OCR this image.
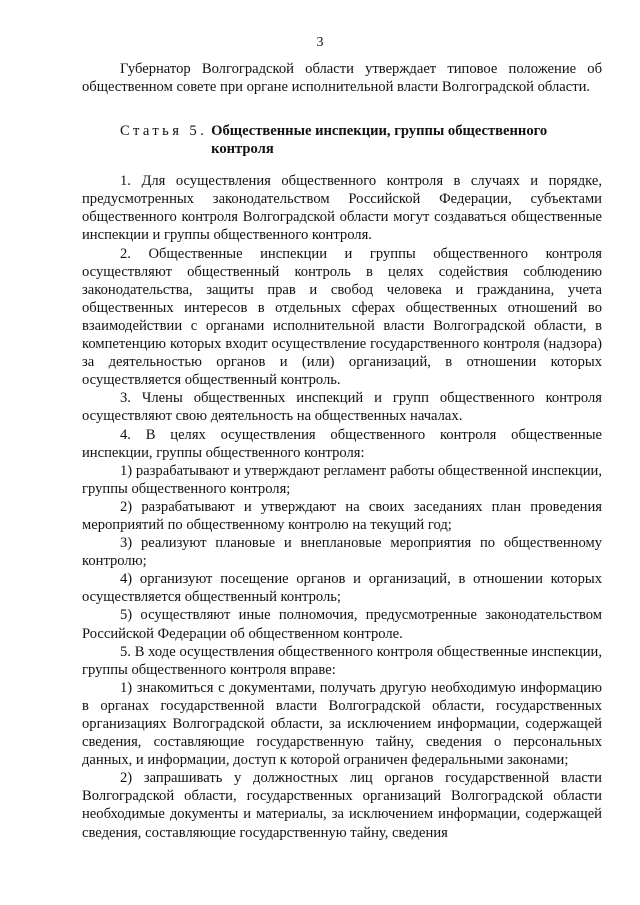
3

Губернатор Волгоградской области утверждает типовое положение об общественном совете при органе исполнительной власти Волгоградской области.

Статья 5. Общественные инспекции, группы общественного контроля

1. Для осуществления общественного контроля в случаях и порядке, предусмотренных законодательством Российской Федерации, субъектами общественного контроля Волгоградской области могут создаваться общественные инспекции и группы общественного контроля.

2. Общественные инспекции и группы общественного контроля осуществляют общественный контроль в целях содействия соблюдению законодательства, защиты прав и свобод человека и гражданина, учета общественных интересов в отдельных сферах общественных отношений во взаимодействии с органами исполнительной власти Волгоградской области, в компетенцию которых входит осуществление государственного контроля (надзора) за деятельностью органов и (или) организаций, в отношении которых осуществляется общественный контроль.

3. Члены общественных инспекций и групп общественного контроля осуществляют свою деятельность на общественных началах.

4. В целях осуществления общественного контроля общественные инспекции, группы общественного контроля:

1) разрабатывают и утверждают регламент работы общественной инспекции, группы общественного контроля;

2) разрабатывают и утверждают на своих заседаниях план проведения мероприятий по общественному контролю на текущий год;

3) реализуют плановые и внеплановые мероприятия по общественному контролю;

4) организуют посещение органов и организаций, в отношении которых осуществляется общественный контроль;

5) осуществляют иные полномочия, предусмотренные законодательством Российской Федерации об общественном контроле.

5. В ходе осуществления общественного контроля общественные инспекции, группы общественного контроля вправе:

1) знакомиться с документами, получать другую необходимую информацию в органах государственной власти Волгоградской области, государственных организациях Волгоградской области, за исключением информации, содержащей сведения, составляющие государственную тайну, сведения о персональных данных, и информации, доступ к которой ограничен федеральными законами;

2) запрашивать у должностных лиц органов государственной власти Волгоградской области, государственных организаций Волгоградской области необходимые документы и материалы, за исключением информации, содержащей сведения, составляющие государственную тайну, сведения
